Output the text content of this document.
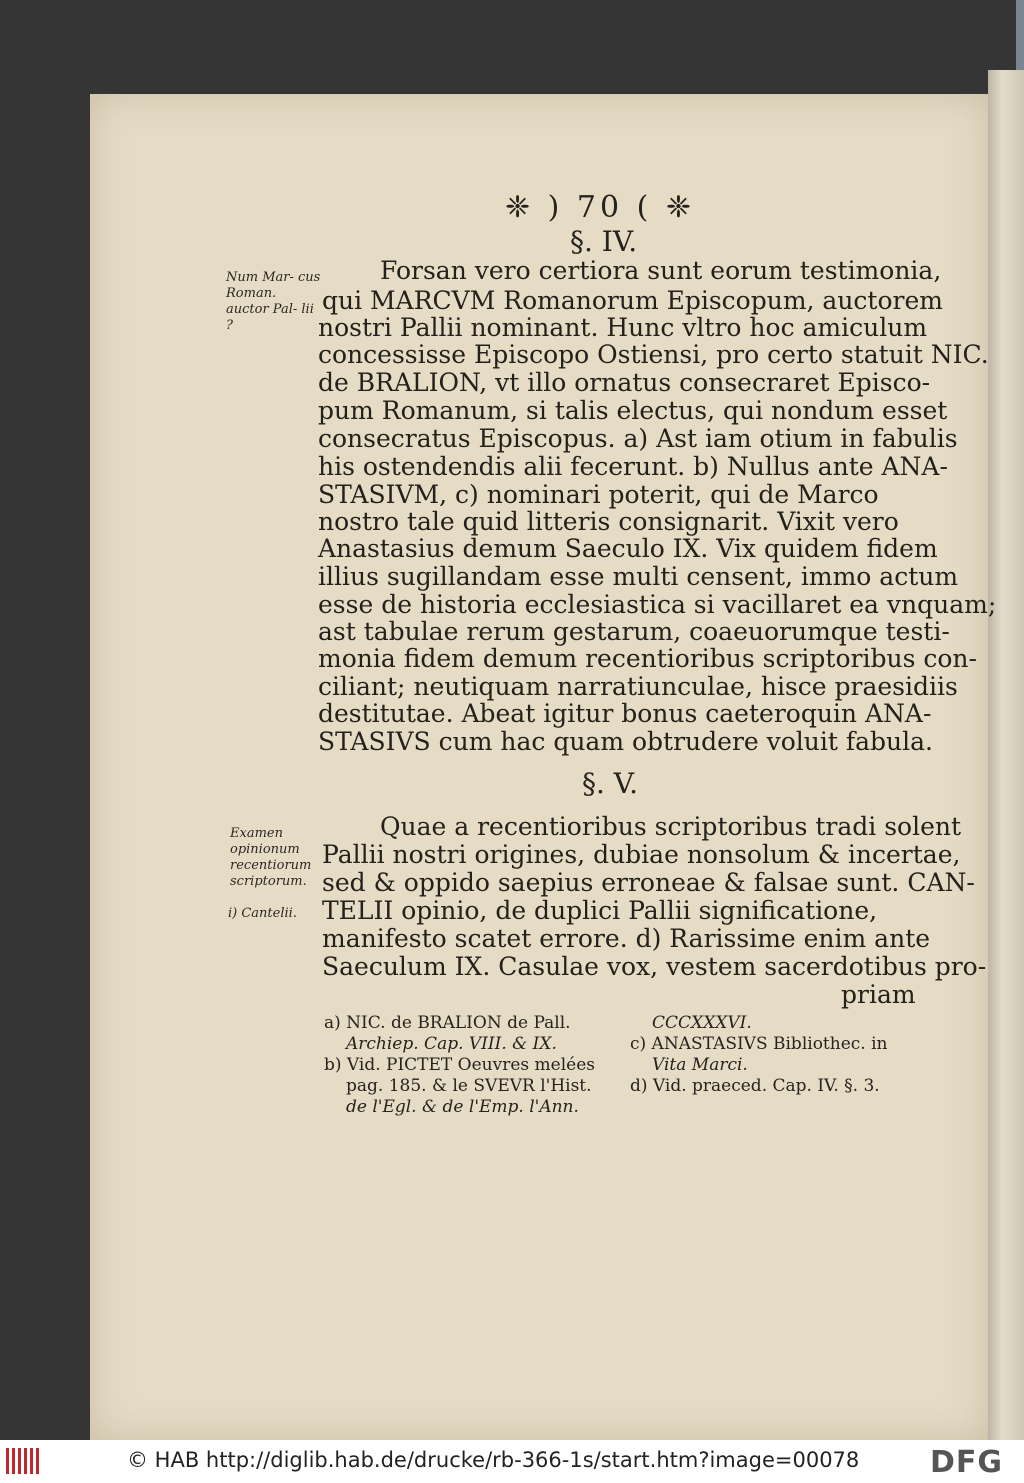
❈ ) 70 ( ❈
§. IV.
§. V.
Num Mar- cus Roman. auctor Pal- lii ?
Examen opinionum recentiorum scriptorum.
i) Cantelii.
Forsan vero certiora sunt eorum testimonia,
qui MARCVM Romanorum Episcopum, auctorem
nostri Pallii nominant. Hunc vltro hoc amiculum
concessisse Episcopo Ostiensi, pro certo statuit NIC.
de BRALION, vt illo ornatus consecraret Episco-
pum Romanum, si talis electus, qui nondum esset
consecratus Episcopus. a) Ast iam otium in fabulis
his ostendendis alii fecerunt. b) Nullus ante ANA-
STASIVM, c) nominari poterit, qui de Marco
nostro tale quid litteris consignarit. Vixit vero
Anastasius demum Saeculo IX. Vix quidem fidem
illius sugillandam esse multi censent, immo actum
esse de historia ecclesiastica si vacillaret ea vnquam;
ast tabulae rerum gestarum, coaeuorumque testi-
monia fidem demum recentioribus scriptoribus con-
ciliant; neutiquam narratiunculae, hisce praesidiis
destitutae. Abeat igitur bonus caeteroquin ANA-
STASIVS cum hac quam obtrudere voluit fabula.
Quae a recentioribus scriptoribus tradi solent
Pallii nostri origines, dubiae nonsolum & incertae,
sed & oppido saepius erroneae & falsae sunt. CAN-
TELII opinio, de duplici Pallii significatione,
manifesto scatet errore. d) Rarissime enim ante
Saeculum IX. Casulae vox, vestem sacerdotibus pro-
priam
a) NIC. de BRALION de Pall.
Archiep. Cap. VIII. & IX.
b) Vid. PICTET Oeuvres melées
pag. 185. & le SVEVR l'Hist.
de l'Egl. & de l'Emp. l'Ann.
CCCXXXVI.
c) ANASTASIVS Bibliothec. in
Vita Marci.
d) Vid. praeced. Cap. IV. §. 3.
© HAB http://diglib.hab.de/drucke/rb-366-1s/start.htm?image=00078 DFG
